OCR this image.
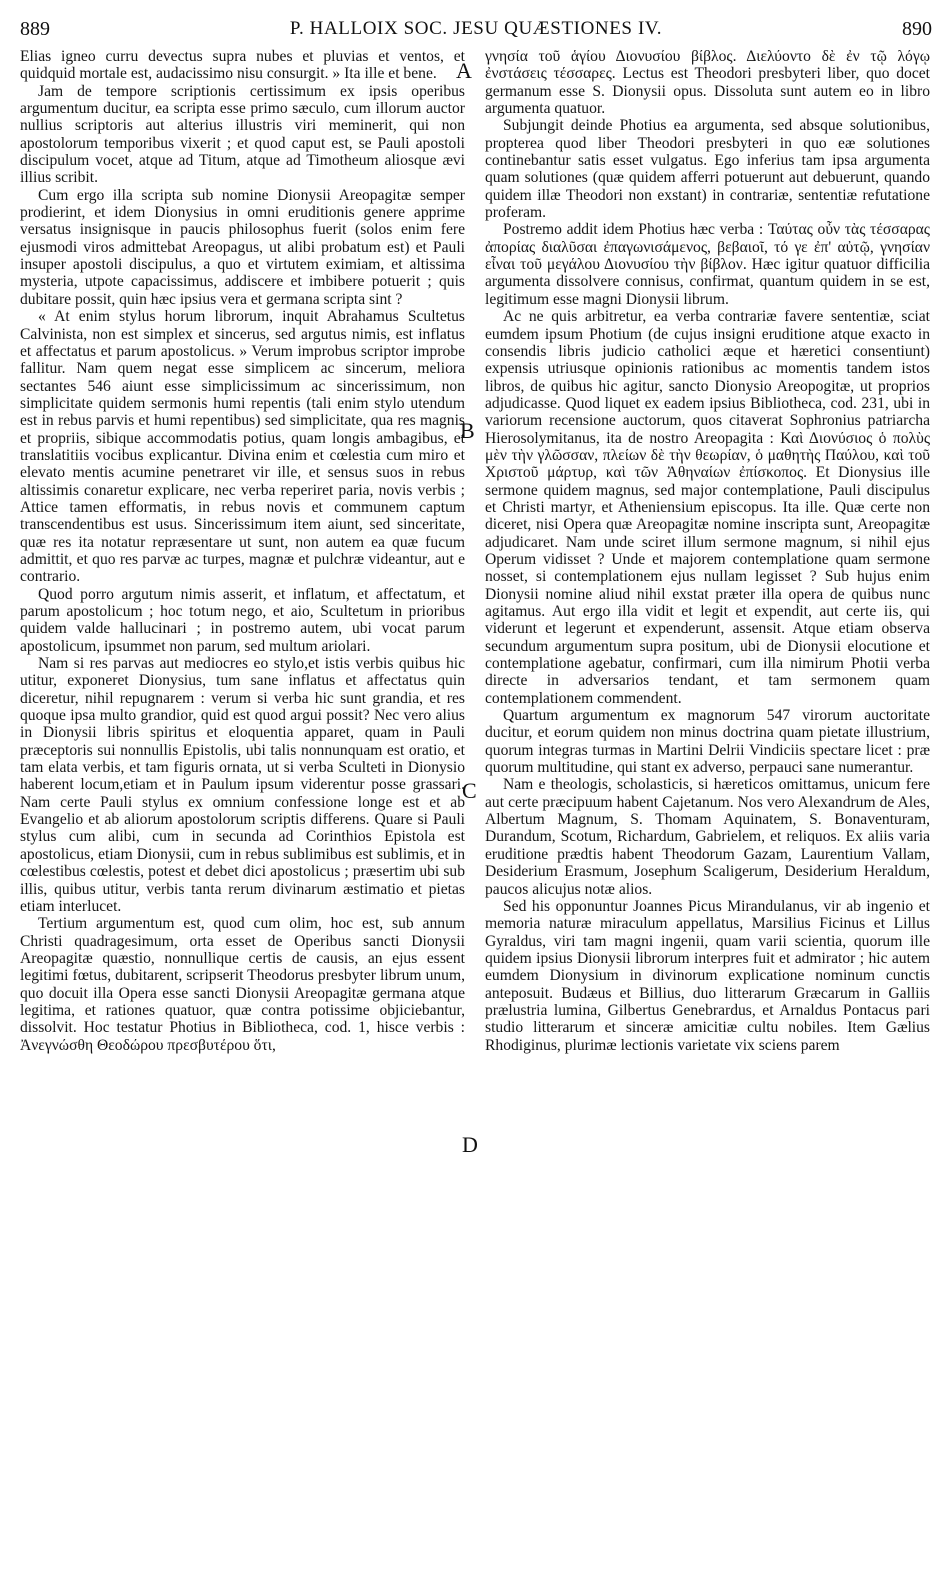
889	P. HALLOIX SOC. JESU QUÆSTIONES IV.	890

Elias igneo curru devectus supra nubes et pluvias et ventos, et quidquid mortale est, audacissimo nisu consurgit. » Ita ille et bene.

Jam de tempore scriptionis certissimum ex ipsis operibus argumentum ducitur, ea scripta esse primo sæculo, cum illorum auctor nullius scriptoris aut alterius illustris viri meminerit, qui non apostolorum temporibus vixerit ; et quod caput est, se Pauli apostoli discipulum vocet, atque ad Titum, atque ad Timotheum aliosque ævi illius scribit.

Cum ergo illa scripta sub nomine Dionysii Areopagitæ semper prodierint, et idem Dionysius in omni eruditionis genere apprime versatus insignisque in paucis philosophus fuerit (solos enim fere ejusmodi viros admittebat Areopagus, ut alibi probatum est) et Pauli insuper apostoli discipulus, a quo et virtutem eximiam, et altissima mysteria, utpote capacissimus, addiscere et imbibere potuerit ; quis dubitare possit, quin hæc ipsius vera et germana scripta sint ?

« At enim stylus horum librorum, inquit Abrahamus Scultetus Calvinista, non est simplex et sincerus, sed argutus nimis, est inflatus et affectatus et parum apostolicus. » Verum improbus scriptor improbe fallitur. Nam quem negat esse simplicem ac sincerum, meliora sectantes 546 aiunt esse simplicissimum ac sincerissimum, non simplicitate quidem sermonis humi repentis (tali enim stylo utendum est in rebus parvis et humi repentibus) sed simplicitate, qua res magnis et propriis, sibique accommodatis potius, quam longis ambagibus, et translatitiis vocibus explicantur. Divina enim et cœlestia cum miro et elevato mentis acumine penetraret vir ille, et sensus suos in rebus altissimis conaretur explicare, nec verba reperiret paria, novis verbis ; Attice tamen efformatis, in rebus novis et communem captum transcendentibus est usus. Sincerissimum item aiunt, sed sinceritate, quæ res ita notatur repræsentare ut sunt, non autem ea quæ fucum admittit, et quo res parvæ ac turpes, magnæ et pulchræ videantur, aut e contrario.

Quod porro argutum nimis asserit, et inflatum, et affectatum, et parum apostolicum ; hoc totum nego, et aio, Scultetum in prioribus quidem valde hallucinari ; in postremo autem, ubi vocat parum apostolicum, ipsummet non parum, sed multum ariolari.

Nam si res parvas aut mediocres eo stylo,et istis verbis quibus hic utitur, exponeret Dionysius, tum sane inflatus et affectatus quin diceretur, nihil repugnarem : verum si verba hic sunt grandia, et res quoque ipsa multo grandior, quid est quod argui possit? Nec vero alius in Dionysii libris spiritus et eloquentia apparet, quam in Pauli præceptoris sui nonnullis Epistolis, ubi talis nonnunquam est oratio, et tam elata verbis, et tam figuris ornata, ut si verba Sculteti in Dionysio haberent locum,etiam et in Paulum ipsum viderentur posse grassari. Nam certe Pauli stylus ex omnium confessione longe est et ab Evangelio et ab aliorum apostolorum scriptis differens. Quare si Pauli stylus cum alibi, cum in secunda ad Corinthios Epistola est apostolicus, etiam Dionysii, cum in rebus sublimibus est sublimis, et in cœlestibus cœlestis, potest et debet dici apostolicus ; præsertim ubi sub illis, quibus utitur, verbis tanta rerum divinarum æstimatio et pietas etiam interlucet.

Tertium argumentum est, quod cum olim, hoc est, sub annum Christi quadragesimum, orta esset de Operibus sancti Dionysii Areopagitæ quæstio, nonnullique certis de causis, an ejus essent legitimi fœtus, dubitarent, scripserit Theodorus presbyter librum unum, quo docuit illa Opera esse sancti Dionysii Areopagitæ germana atque legitima, et rationes quatuor, quæ contra potissime objiciebantur, dissolvit. Hoc testatur Photius in Bibliotheca, cod. 1, hisce verbis : Ἀνεγνώσθη Θεοδώρου πρεσβυτέρου ὅτι,

A
B
C
D

γνησία τοῦ ἁγίου Διονυσίου βίβλος. Διελύοντο δὲ ἐν τῷ λόγῳ ἐνστάσεις τέσσαρες. Lectus est Theodori presbyteri liber, quo docet germanum esse S. Dionysii opus. Dissoluta sunt autem eo in libro argumenta quatuor.

Subjungit deinde Photius ea argumenta, sed absque solutionibus, propterea quod liber Theodori presbyteri in quo eæ solutiones continebantur satis esset vulgatus. Ego inferius tam ipsa argumenta quam solutiones (quæ quidem afferri potuerunt aut debuerunt, quando quidem illæ Theodori non exstant) in contrariæ, sententiæ refutatione proferam.

Postremo addit idem Photius hæc verba : Ταύτας οὖν τὰς τέσσαρας ἀπορίας διαλῦσαι ἐπαγωνισάμενος, βεβαιοῖ, τό γε ἐπ' αὐτῷ, γνησίαν εἶναι τοῦ μεγάλου Διονυσίου τὴν βίβλον. Hæc igitur quatuor difficilia argumenta dissolvere connisus, confirmat, quantum quidem in se est, legitimum esse magni Dionysii librum.

Ac ne quis arbitretur, ea verba contrariæ favere sententiæ, sciat eumdem ipsum Photium (de cujus insigni eruditione atque exacto in consendis libris judicio catholici æque et hæretici consentiunt) expensis utriusque opinionis rationibus ac momentis tandem istos libros, de quibus hic agitur, sancto Dionysio Areopogitæ, ut proprios adjudicasse. Quod liquet ex eadem ipsius Bibliotheca, cod. 231, ubi in variorum recensione auctorum, quos citaverat Sophronius patriarcha Hierosolymitanus, ita de nostro Areopagita : Καὶ Διονύσιος ὁ πολὺς μὲν τὴν γλῶσσαν, πλείων δὲ τὴν θεωρίαν, ὁ μαθητὴς Παύλου, καὶ τοῦ Χριστοῦ μάρτυρ, καὶ τῶν Ἀθηναίων ἐπίσκοπος. Et Dionysius ille sermone quidem magnus, sed major contemplatione, Pauli discipulus et Christi martyr, et Atheniensium episcopus. Ita ille. Quæ certe non diceret, nisi Opera quæ Areopagitæ nomine inscripta sunt, Areopagitæ adjudicaret. Nam unde sciret illum sermone magnum, si nihil ejus Operum vidisset ? Unde et majorem contemplatione quam sermone nosset, si contemplationem ejus nullam legisset ? Sub hujus enim Dionysii nomine aliud nihil exstat præter illa opera de quibus nunc agitamus. Aut ergo illa vidit et legit et expendit, aut certe iis, qui viderunt et legerunt et expenderunt, assensit. Atque etiam observa secundum argumentum supra positum, ubi de Dionysii elocutione et contemplatione agebatur, confirmari, cum illa nimirum Photii verba directe in adversarios tendant, et tam sermonem quam contemplationem commendent.

Quartum argumentum ex magnorum 547 virorum auctoritate ducitur, et eorum quidem non minus doctrina quam pietate illustrium, quorum integras turmas in Martini Delrii Vindiciis spectare licet : præ quorum multitudine, qui stant ex adverso, perpauci sane numerantur.

Nam e theologis, scholasticis, si hæreticos omittamus, unicum fere aut certe præcipuum habent Cajetanum. Nos vero Alexandrum de Ales, Albertum Magnum, S. Thomam Aquinatem, S. Bonaventuram, Durandum, Scotum, Richardum, Gabrielem, et reliquos. Ex aliis varia eruditione prædtis habent Theodorum Gazam, Laurentium Vallam, Desiderium Erasmum, Josephum Scaligerum, Desiderium Heraldum, paucos alicujus notæ alios.

Sed his opponuntur Joannes Picus Mirandulanus, vir ab ingenio et memoria naturæ miraculum appellatus, Marsilius Ficinus et Lillus Gyraldus, viri tam magni ingenii, quam varii scientia, quorum ille quidem ipsius Dionysii librorum interpres fuit et admirator ; hic autem eumdem Dionysium in divinorum explicatione nominum cunctis anteposuit. Budæus et Billius, duo litterarum Græcarum in Galliis prælustria lumina, Gilbertus Genebrardus, et Arnaldus Pontacus pari studio litterarum et sinceræ amicitiæ cultu nobiles. Item Gælius Rhodiginus, plurimæ lectionis varietate vix sciens parem
